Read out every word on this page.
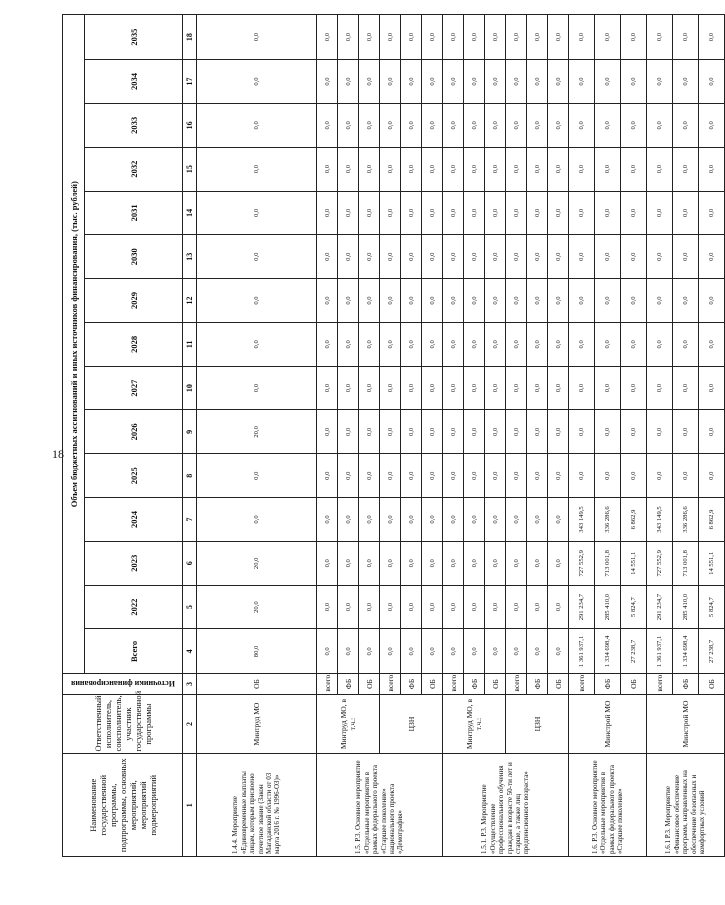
18
Наименование государственной программы, подпрограммы, основных мероприятий, мероприятий подмероприятий	Ответственный исполнитель, соисполнитель, участник государственной программы	Источники финансирования	Объем бюджетных ассигнований и иных источников финансирования, (тыс. рублей)														
			Всего	2022	2023	2024	2025	2026	2027	2028	2029	2030	2031	2032	2033	2034	2035
1	2	3	4	5	6	7	8	9	10	11	12	13	14	15	16	17	18
1.4.4. Мероприятие «Единовременные выплаты лицам, которым присвоено почетное звание (Закон Магаданской области от 03 марта 2016 г. № 1996-ОЗ)»	Минтруд МО	ОБ	80,0	20,0	20,0	0,0	0,0	20,0	0,0	0,0	0,0	0,0	0,0	0,0	0,0	0,0	0,0
1.5. Р.3. Основное мероприятие «Отдельные мероприятия в рамках федерального проекта «Старшее поколение» национального проекта «Демография»	Минтруд МО, в т.ч.:	всего:	0,0	0,0	0,0	0,0	0,0	0,0	0,0	0,0	0,0	0,0	0,0	0,0	0,0	0,0	0,0
		ФБ	0,0	0,0	0,0	0,0	0,0	0,0	0,0	0,0	0,0	0,0	0,0	0,0	0,0	0,0	0,0
		ОБ	0,0	0,0	0,0	0,0	0,0	0,0	0,0	0,0	0,0	0,0	0,0	0,0	0,0	0,0	0,0
	ЦЗН	всего:	0,0	0,0	0,0	0,0	0,0	0,0	0,0	0,0	0,0	0,0	0,0	0,0	0,0	0,0	0,0
		ФБ	0,0	0,0	0,0	0,0	0,0	0,0	0,0	0,0	0,0	0,0	0,0	0,0	0,0	0,0	0,0
		ОБ	0,0	0,0	0,0	0,0	0,0	0,0	0,0	0,0	0,0	0,0	0,0	0,0	0,0	0,0	0,0
1.5.1. Р.3. Мероприятие «Осуществление профессионального обучения граждан в возрасте 50-ти лет и старше, а также лиц предпенсионного возраста»	Минтруд МО, в т.ч.:	всего:	0,0	0,0	0,0	0,0	0,0	0,0	0,0	0,0	0,0	0,0	0,0	0,0	0,0	0,0	0,0
		ФБ	0,0	0,0	0,0	0,0	0,0	0,0	0,0	0,0	0,0	0,0	0,0	0,0	0,0	0,0	0,0
		ОБ	0,0	0,0	0,0	0,0	0,0	0,0	0,0	0,0	0,0	0,0	0,0	0,0	0,0	0,0	0,0
	ЦЗН	всего:	0,0	0,0	0,0	0,0	0,0	0,0	0,0	0,0	0,0	0,0	0,0	0,0	0,0	0,0	0,0
		ФБ	0,0	0,0	0,0	0,0	0,0	0,0	0,0	0,0	0,0	0,0	0,0	0,0	0,0	0,0	0,0
		ОБ	0,0	0,0	0,0	0,0	0,0	0,0	0,0	0,0	0,0	0,0	0,0	0,0	0,0	0,0	0,0
1.6. Р.3. Основное мероприятие «Отдельные мероприятия в рамках федерального проекта «Старшее поколение»	Минстрой МО	всего:	1 361 937,1	291 234,7	727 552,9	343 149,5	0,0	0,0	0,0	0,0	0,0	0,0	0,0	0,0	0,0	0,0	0,0
		ФБ	1 334 698,4	285 410,0	713 001,8	336 286,6	0,0	0,0	0,0	0,0	0,0	0,0	0,0	0,0	0,0	0,0	0,0
		ОБ	27 238,7	5 824,7	14 551,1	6 862,9	0,0	0,0	0,0	0,0	0,0	0,0	0,0	0,0	0,0	0,0	0,0
1.6.1 Р.3. Мероприятие «Финансовое обеспечение программ, направленных на обеспечение безопасных и комфортных условий	Минстрой МО	всего:	1 361 937,1	291 234,7	727 552,9	343 149,5	0,0	0,0	0,0	0,0	0,0	0,0	0,0	0,0	0,0	0,0	0,0
		ФБ	1 334 698,4	285 410,0	713 001,8	336 286,6	0,0	0,0	0,0	0,0	0,0	0,0	0,0	0,0	0,0	0,0	0,0
		ОБ	27 238,7	5 824,7	14 551,1	6 862,9	0,0	0,0	0,0	0,0	0,0	0,0	0,0	0,0	0,0	0,0	0,0
